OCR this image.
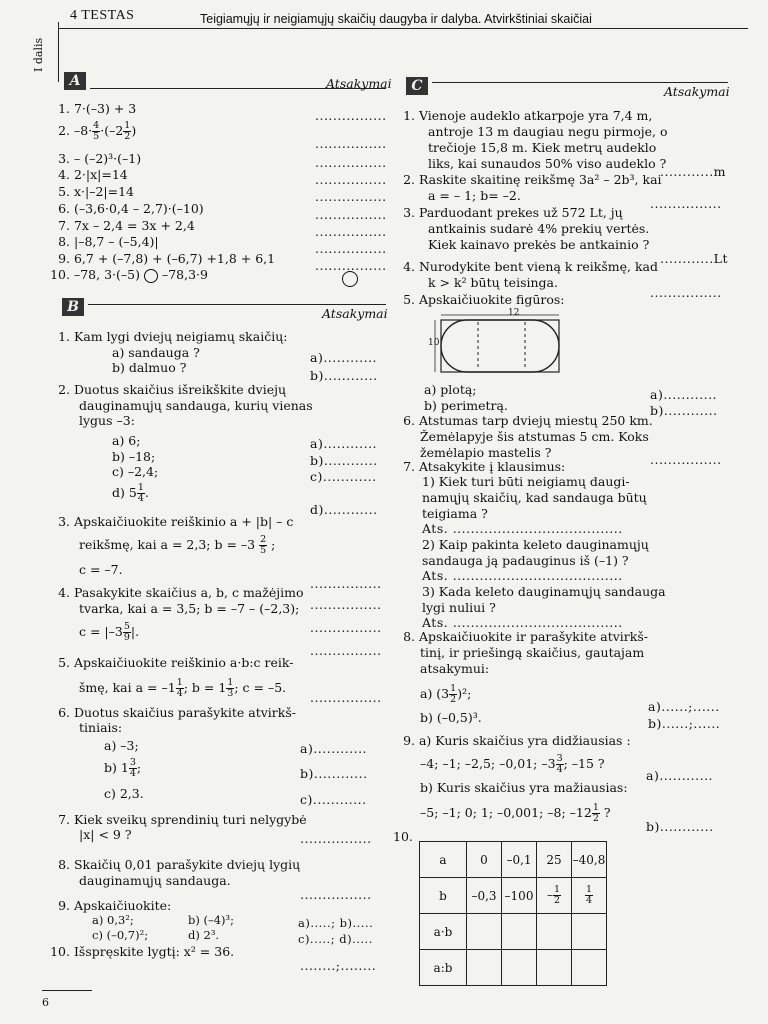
4 TESTAS	Teigiamųjų ir neigiamųjų skaičių daugyba ir dalyba. Atvirkštiniai skaičiai
I dalis
A	Atsakymai
1. 7·(–3) + 3	................
2. $-8\cdot \frac{4}{5} \cdot(-2 \frac{1}{2}$ )
................
3. – (–2)³·(–1)	................
4. 2·|x|=14	................
5. x·|–2|=14	................
6. (–3,6·0,4 – 2,7)·(–10)	................
7. 7x – 2,4 = 3x + 2,4	................
8. |–8,7 – (–5,4)|	................
9. 6,7 + (–7,8) + (–6,7) +1,8 + 6,1	................
10. –78, 3·(–5) –78,3·9
B	Atsakymai
1. Kam lygi dviejų neigiamų skaičių:
a) sandauga ?
b) dalmuo ?
a)............
b)............
2. Duotus skaičius išreikškite dviejų
dauginamųjų sandauga, kurių vienas
lygus –3:
a) 6;
b) –18;
c) –2,4;
d) $5 \frac{1}{4}$ .
a)............
b)............
c)............
d)............
3. Apskaičiuokite reiškinio a + |b| – c
reikšmę, kai a = 2,3; $b = -3 \frac{2}{5}$ ;
c = –7.
................
4. Pasakykite skaičius a, b, c mažėjimo
tvarka, kai a = 3,5; b = –7 – (–2,3);
$c = |-3 \frac{5}{9}$ |.
................
................
................
5. Apskaičiuokite reiškinio a·b:c reik-
šmę, kai $a = -1 \frac{1}{4}$ ; $b = 1 \frac{1}{3}$ ; c = –5.
................
6. Duotus skaičius parašykite atvirkš-
tiniais:
a) –3;
b) $1 \frac{3}{4}$ ;
c) 2,3.
a)............
b)............
c)............
7. Kiek sveikų sprendinių turi nelygybė
|x| < 9 ?	................
8. Skaičių 0,01 parašykite dviejų lygių
dauginamųjų sandauga.
................
9. Apskaičiuokite:
a) 0,3²;	b) (–4)³;
c) (–0,7)²;	d) 2³.
a).....; b).....
c).....; d).....
10. Išspręskite lygtį: x² = 36.
........;........
C	Atsakymai
1. Vienoje audeklo atkarpoje yra 7,4 m,
antroje 13 m daugiau negu pirmoje, o
trečioje 15,8 m. Kiek metrų audeklo
liks, kai sunaudos 50% viso audeklo ?
............m
2. Raskite skaitinę reikšmę 3a² – 2b³, kai
a = – 1; b= –2.
................
3. Parduodant prekes už 572 Lt, jų
antkainis sudarė 4% prekių vertės.
Kiek kainavo prekės be antkainio ?
............Lt
4. Nurodykite bent vieną k reikšmę, kad
k > k² būtų teisinga.
................
5. Apskaičiuokite figūros:
12
10
a) plotą;
b) perimetrą.
a)............
b)............
6. Atstumas tarp dviejų miestų 250 km.
Žemėlapyje šis atstumas 5 cm. Koks
žemėlapio mastelis ?	................
7. Atsakykite į klausimus:
1) Kiek turi būti neigiamų daugi-
namųjų skaičių, kad sandauga būtų
teigiama ?
Ats. ......................................
2) Kaip pakinta keleto dauginamųjų
sandauga ją padauginus iš (–1) ?
Ats. ......................................
3) Kada keleto dauginamųjų sandauga
lygi nuliui ?
Ats. ......................................
8. Apskaičiuokite ir parašykite atvirkš-
tinį, ir priešingą skaičius, gautajam
atsakymui:
a) $(3 \frac{1}{2} )^2$;
b) (–0,5)³.
a)......;......
b)......;......
9. a) Kuris skaičius yra didžiausias :
–4; –1; –2,5; –0,01; $-3 \frac{3}{4}$ ; –15 ?
b) Kuris skaičius yra mažiausias:
–5; –1; 0; 1; –0,001; –8; $-12 \frac{1}{2}$ ?
a)............
b)............
10.
a	0	–0,1	25	–40,8
b	–0,3	–100	– $\frac{1}{2}$	$\frac{1}{4}$

a·b				
a:b				
6
